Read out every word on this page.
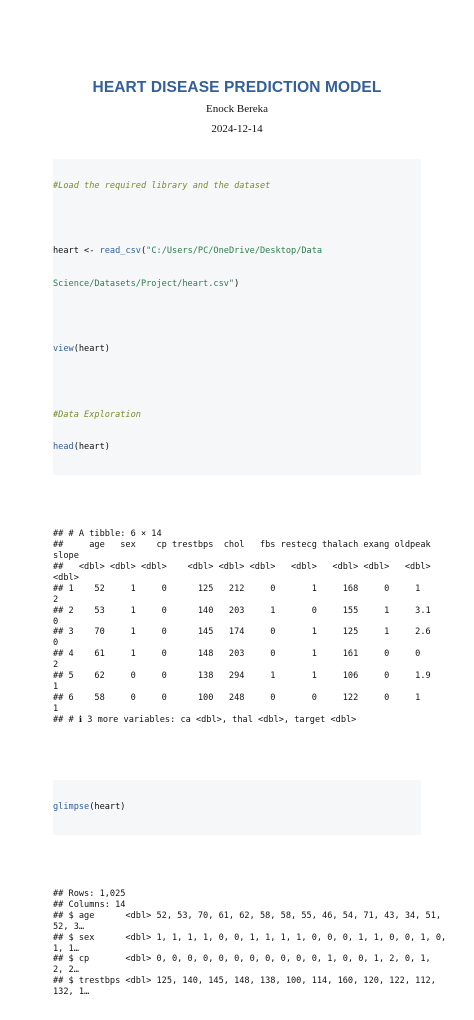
HEART DISEASE PREDICTION MODEL
Enock Bereka
2024-12-14

#Load the required library and the dataset

heart <- read_csv("C:/Users/PC/OneDrive/Desktop/Data

Science/Datasets/Project/heart.csv")

view(heart)

#Data Exploration

head(heart)

## # A tibble: 6 × 14
##     age   sex    cp trestbps  chol   fbs restecg thalach exang oldpeak
slope
##   <dbl> <dbl> <dbl>    <dbl> <dbl> <dbl>   <dbl>   <dbl> <dbl>   <dbl>
<dbl>
## 1    52     1     0      125   212     0       1     168     0     1
2
## 2    53     1     0      140   203     1       0     155     1     3.1
0
## 3    70     1     0      145   174     0       1     125     1     2.6
0
## 4    61     1     0      148   203     0       1     161     0     0
2
## 5    62     0     0      138   294     1       1     106     0     1.9
1
## 6    58     0     0      100   248     0       0     122     0     1
1
## # ℹ 3 more variables: ca <dbl>, thal <dbl>, target <dbl>

glimpse(heart)

## Rows: 1,025
## Columns: 14
## $ age      <dbl> 52, 53, 70, 61, 62, 58, 58, 55, 46, 54, 71, 43, 34, 51,
52, 3…
## $ sex      <dbl> 1, 1, 1, 1, 0, 0, 1, 1, 1, 1, 0, 0, 0, 1, 1, 0, 0, 1, 0,
1, 1…
## $ cp       <dbl> 0, 0, 0, 0, 0, 0, 0, 0, 0, 0, 0, 1, 0, 0, 1, 2, 0, 1,
2, 2…
## $ trestbps <dbl> 125, 140, 145, 148, 138, 100, 114, 160, 120, 122, 112,
132, 1…
